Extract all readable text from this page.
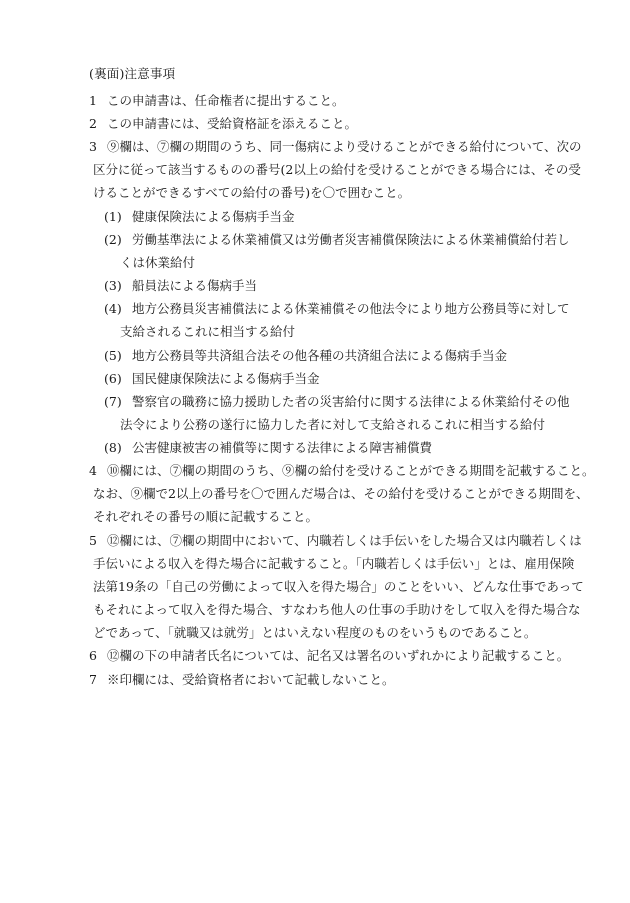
(裏面)注意事項
1 この申請書は、任命権者に提出すること。
2 この申請書には、受給資格証を添えること。
3 ⑨欄は、⑦欄の期間のうち、同一傷病により受けることができる給付について、次の
区分に従って該当するものの番号(2以上の給付を受けることができる場合には、その受
けることができるすべての給付の番号)を〇で囲むこと。
(1) 健康保険法による傷病手当金
(2) 労働基準法による休業補償又は労働者災害補償保険法による休業補償給付若し
くは休業給付
(3) 船員法による傷病手当
(4) 地方公務員災害補償法による休業補償その他法令により地方公務員等に対して
支給されるこれに相当する給付
(5) 地方公務員等共済組合法その他各種の共済組合法による傷病手当金
(6) 国民健康保険法による傷病手当金
(7) 警察官の職務に協力援助した者の災害給付に関する法律による休業給付その他
法令により公務の遂行に協力した者に対して支給されるこれに相当する給付
(8) 公害健康被害の補償等に関する法律による障害補償費
4 ⑩欄には、⑦欄の期間のうち、⑨欄の給付を受けることができる期間を記載すること。
なお、⑨欄で2以上の番号を〇で囲んだ場合は、その給付を受けることができる期間を、
それぞれその番号の順に記載すること。
5 ⑫欄には、⑦欄の期間中において、内職若しくは手伝いをした場合又は内職若しくは
手伝いによる収入を得た場合に記載すること。「内職若しくは手伝い」とは、雇用保険
法第19条の「自己の労働によって収入を得た場合」のことをいい、どんな仕事であって
もそれによって収入を得た場合、すなわち他人の仕事の手助けをして収入を得た場合な
どであって、「就職又は就労」とはいえない程度のものをいうものであること。
6 ⑫欄の下の申請者氏名については、記名又は署名のいずれかにより記載すること。
7 ※印欄には、受給資格者において記載しないこと。
